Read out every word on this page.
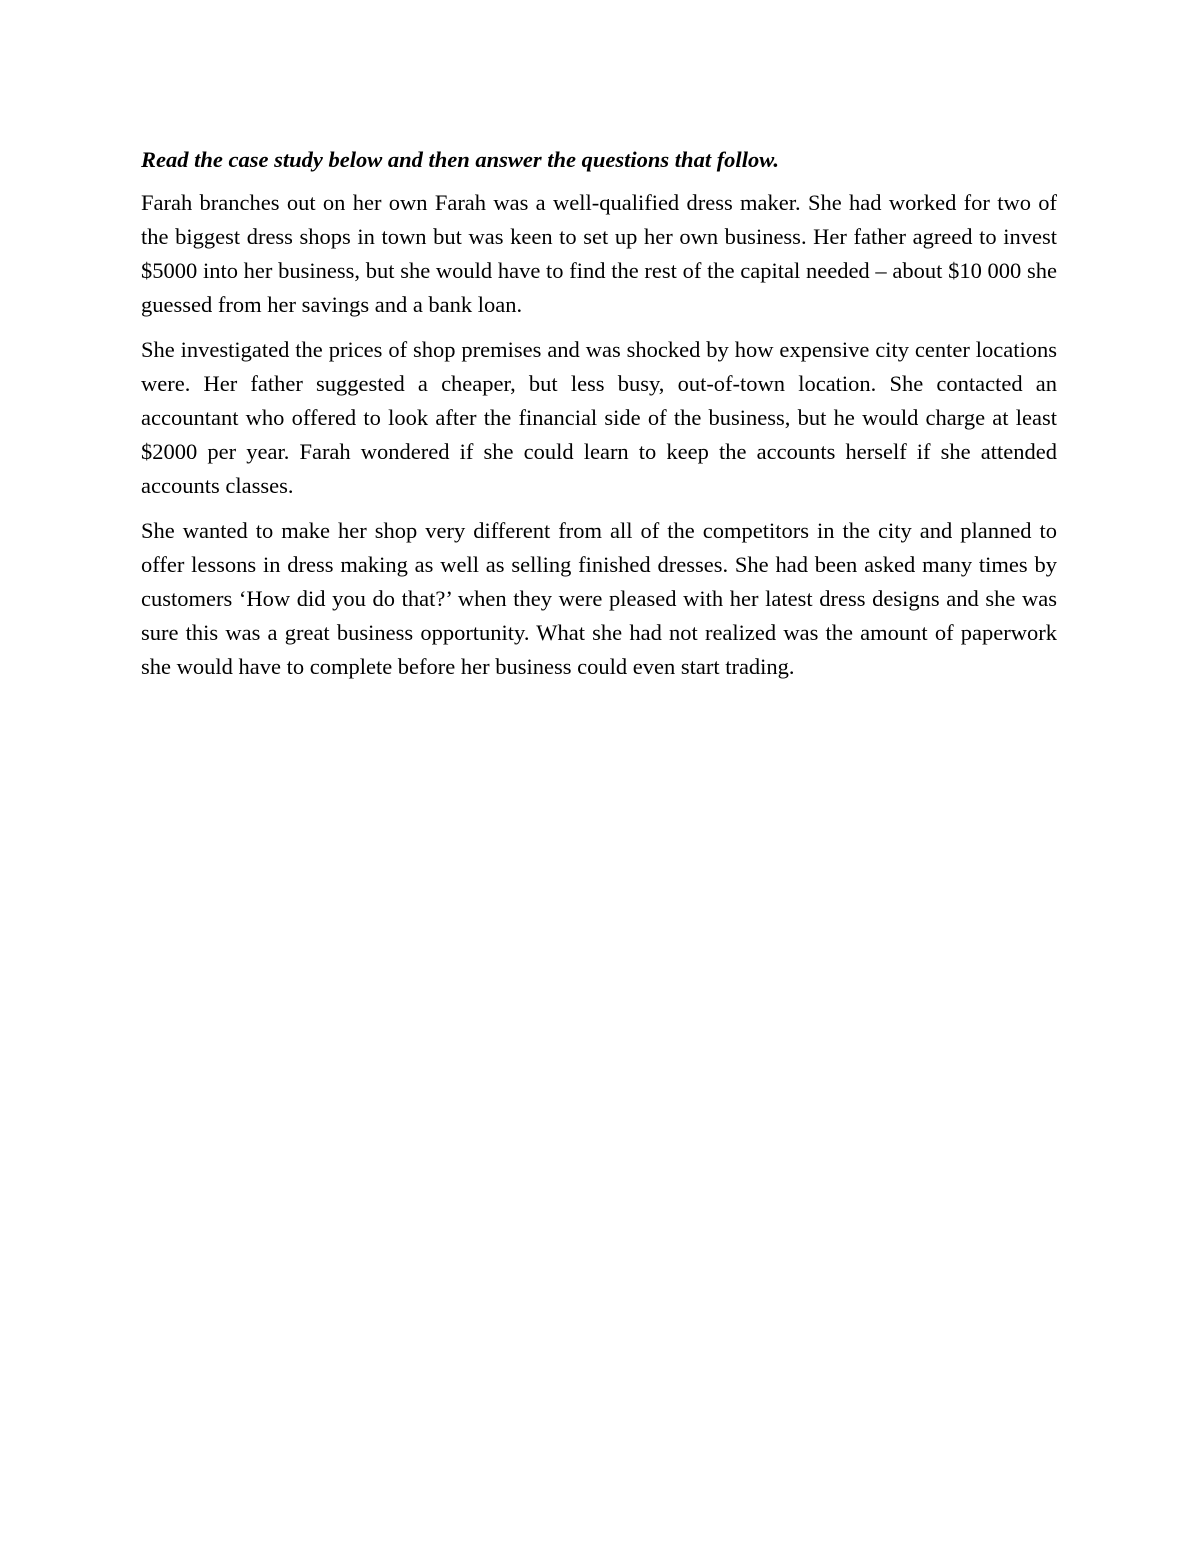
Read the case study below and then answer the questions that follow.

Farah branches out on her own Farah was a well-qualified dress maker. She had worked for two of the biggest dress shops in town but was keen to set up her own business. Her father agreed to invest $5000 into her business, but she would have to find the rest of the capital needed – about $10 000 she guessed from her savings and a bank loan.

She investigated the prices of shop premises and was shocked by how expensive city center locations were. Her father suggested a cheaper, but less busy, out-of-town location. She contacted an accountant who offered to look after the financial side of the business, but he would charge at least $2000 per year. Farah wondered if she could learn to keep the accounts herself if she attended accounts classes.

She wanted to make her shop very different from all of the competitors in the city and planned to offer lessons in dress making as well as selling finished dresses. She had been asked many times by customers ‘How did you do that?’ when they were pleased with her latest dress designs and she was sure this was a great business opportunity. What she had not realized was the amount of paperwork she would have to complete before her business could even start trading.
